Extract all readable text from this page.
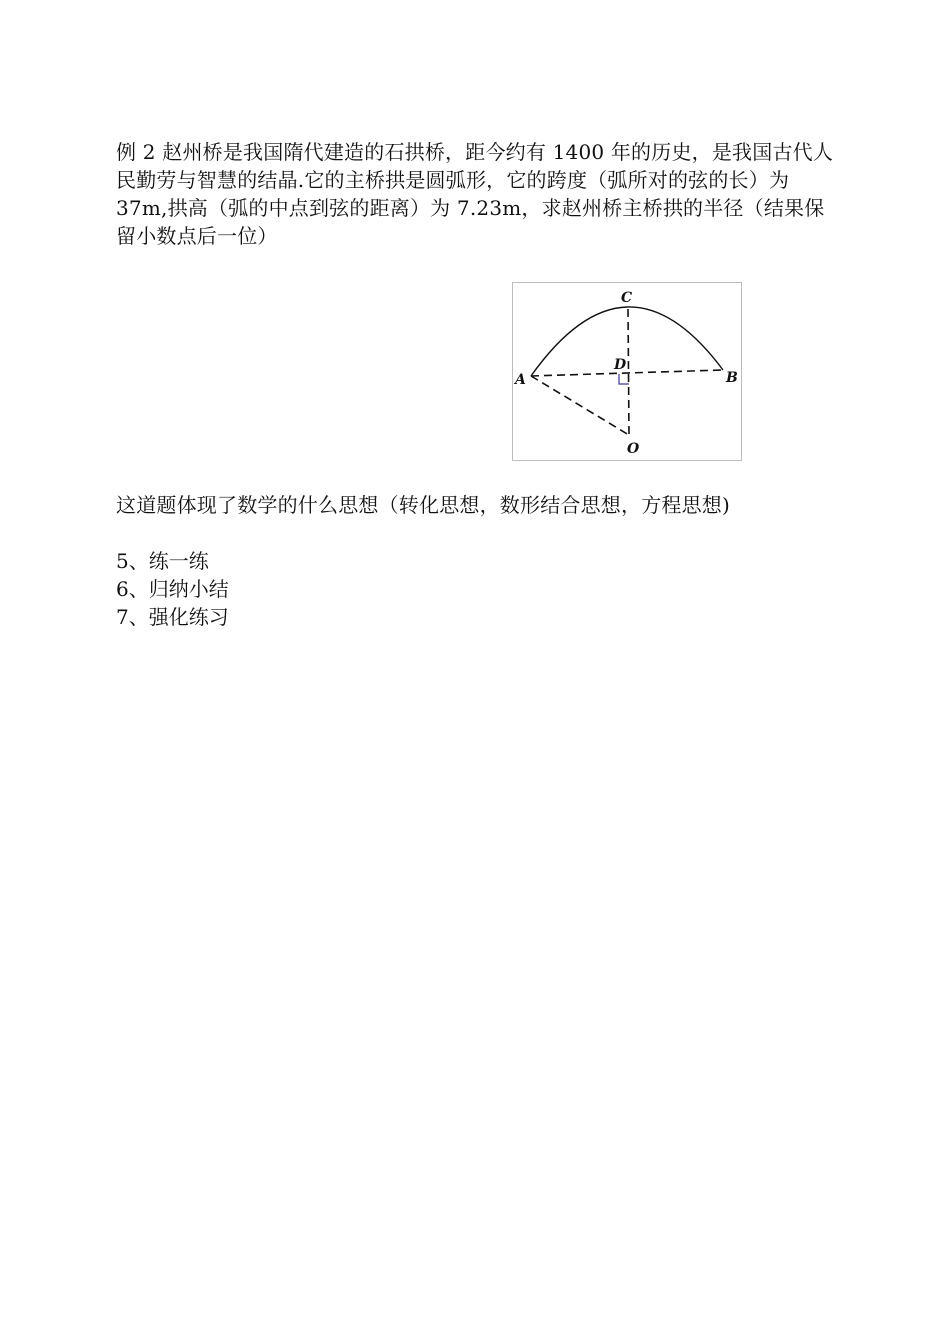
例 2 赵州桥是我国隋代建造的石拱桥，距今约有 1400 年的历史，是我国古代人民勤劳与智慧的结晶.它的主桥拱是圆弧形，它的跨度（弧所对的弦的长）为 37m,拱高（弧的中点到弦的距离）为 7.23m，求赵州桥主桥拱的半径（结果保留小数点后一位）

C
D
A	B
O

这道题体现了数学的什么思想（转化思想，数形结合思想，方程思想)

5、练一练
6、归纳小结
7、强化练习
